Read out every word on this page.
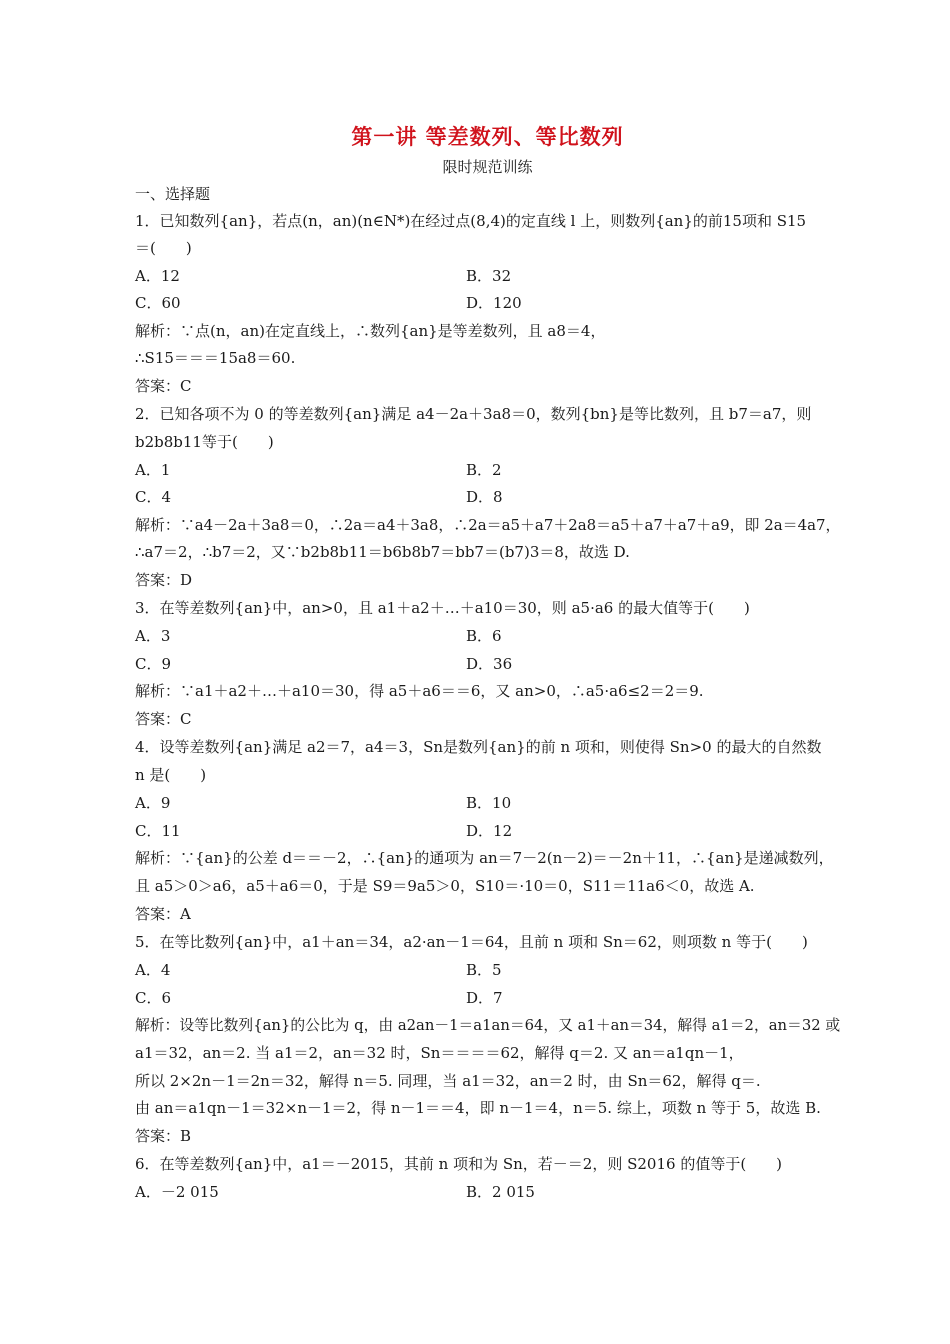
第一讲 等差数列、等比数列
限时规范训练
一、选择题
1．已知数列{an}，若点(n，an)(n∈N*)在经过点(8,4)的定直线 l 上，则数列{an}的前15项和 S15
＝(　　)
A．12	B．32
C．60	D．120
解析：∵点(n，an)在定直线上，∴数列{an}是等差数列，且 a8＝4，
∴S15＝＝＝15a8＝60.
答案：C
2．已知各项不为 0 的等差数列{an}满足 a4－2a＋3a8＝0，数列{bn}是等比数列，且 b7＝a7，则
b2b8b11等于(　　)
A．1	B．2
C．4	D．8
解析：∵a4－2a＋3a8＝0，∴2a＝a4＋3a8，∴2a＝a5＋a7＋2a8＝a5＋a7＋a7＋a9，即 2a＝4a7，
∴a7＝2，∴b7＝2，又∵b2b8b11＝b6b8b7＝bb7＝(b7)3＝8，故选 D.
答案：D
3．在等差数列{an}中，an>0，且 a1＋a2＋…＋a10＝30，则 a5·a6 的最大值等于(　　)
A．3	B．6
C．9	D．36
解析：∵a1＋a2＋…＋a10＝30，得 a5＋a6＝＝6，又 an>0，∴a5·a6≤2＝2＝9.
答案：C
4．设等差数列{an}满足 a2＝7，a4＝3，Sn是数列{an}的前 n 项和，则使得 Sn>0 的最大的自然数
n 是(　　)
A．9	B．10
C．11	D．12
解析：∵{an}的公差 d＝＝－2，∴{an}的通项为 an＝7－2(n－2)＝－2n＋11，∴{an}是递减数列，
且 a5＞0＞a6，a5＋a6＝0，于是 S9＝9a5＞0，S10＝·10＝0，S11＝11a6＜0，故选 A.
答案：A
5．在等比数列{an}中，a1＋an＝34，a2·an－1＝64，且前 n 项和 Sn＝62，则项数 n 等于(　　)
A．4	B．5
C．6	D．7
解析：设等比数列{an}的公比为 q，由 a2an－1＝a1an＝64，又 a1＋an＝34，解得 a1＝2，an＝32 或
a1＝32，an＝2. 当 a1＝2，an＝32 时，Sn＝＝＝＝62，解得 q＝2. 又 an＝a1qn－1，
所以 2×2n－1＝2n＝32，解得 n＝5. 同理，当 a1＝32，an＝2 时，由 Sn＝62，解得 q＝.
由 an＝a1qn－1＝32×n－1＝2，得 n－1＝＝4，即 n－1＝4，n＝5. 综上，项数 n 等于 5，故选 B.
答案：B
6．在等差数列{an}中，a1＝－2015，其前 n 项和为 Sn，若－＝2，则 S2016 的值等于(　　)
A．－2 015	B．2 015
